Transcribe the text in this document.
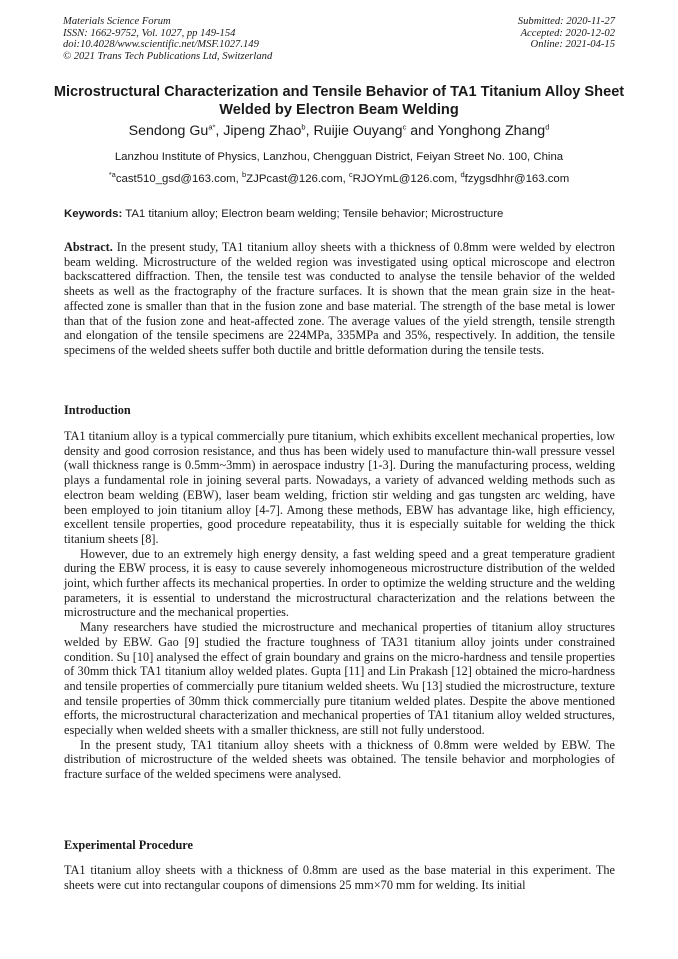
Materials Science Forum
ISSN: 1662-9752, Vol. 1027, pp 149-154
doi:10.4028/www.scientific.net/MSF.1027.149
© 2021 Trans Tech Publications Ltd, Switzerland
Submitted: 2020-11-27
Accepted: 2020-12-02
Online: 2021-04-15
Microstructural Characterization and Tensile Behavior of TA1 Titanium Alloy Sheet Welded by Electron Beam Welding
Sendong $Gu^{a*}$, Jipeng Zhao$^b$, Ruijie Ouyang$^c$ and Yonghong Zhang$^d$
Lanzhou Institute of Physics, Lanzhou, Chengguan District, Feiyan Street No. 100, China
$^{*a}$cast510_gsd@163.com, $^b$ZJPcast@126.com, $^c$RJOYmL@126.com, $^d$fzygsdhhr@163.com
Keywords: TA1 titanium alloy; Electron beam welding; Tensile behavior; Microstructure
Abstract. In the present study, TA1 titanium alloy sheets with a thickness of 0.8mm were welded by electron beam welding. Microstructure of the welded region was investigated using optical microscope and electron backscattered diffraction. Then, the tensile test was conducted to analyse the tensile behavior of the welded sheets as well as the fractography of the fracture surfaces. It is shown that the mean grain size in the heat-affected zone is smaller than that in the fusion zone and base material. The strength of the base metal is lower than that of the fusion zone and heat-affected zone. The average values of the yield strength, tensile strength and elongation of the tensile specimens are 224MPa, 335MPa and 35%, respectively. In addition, the tensile specimens of the welded sheets suffer both ductile and brittle deformation during the tensile tests.
Introduction

TA1 titanium alloy is a typical commercially pure titanium, which exhibits excellent mechanical properties, low density and good corrosion resistance, and thus has been widely used to manufacture thin-wall pressure vessel (wall thickness range is 0.5mm~3mm) in aerospace industry [1-3]. During the manufacturing process, welding plays a fundamental role in joining several parts. Nowadays, a variety of advanced welding methods such as electron beam welding (EBW), laser beam welding, friction stir welding and gas tungsten arc welding, have been employed to join titanium alloy [4-7]. Among these methods, EBW has advantage like, high efficiency, excellent tensile properties, good procedure repeatability, thus it is especially suitable for welding the thick titanium sheets [8].

However, due to an extremely high energy density, a fast welding speed and a great temperature gradient during the EBW process, it is easy to cause severely inhomogeneous microstructure distribution of the welded joint, which further affects its mechanical properties. In order to optimize the welding structure and the welding parameters, it is essential to understand the microstructural characterization and the relations between the microstructure and the mechanical properties.

Many researchers have studied the microstructure and mechanical properties of titanium alloy structures welded by EBW. Gao [9] studied the fracture toughness of TA31 titanium alloy joints under constrained condition. Su [10] analysed the effect of grain boundary and grains on the micro-hardness and tensile properties of 30mm thick TA1 titanium alloy welded plates. Gupta [11] and Lin Prakash [12] obtained the micro-hardness and tensile properties of commercially pure titanium welded sheets. Wu [13] studied the microstructure, texture and tensile properties of 30mm thick commercially pure titanium welded plates. Despite the above mentioned efforts, the microstructural characterization and mechanical properties of TA1 titanium alloy welded structures, especially when welded sheets with a smaller thickness, are still not fully understood.

In the present study, TA1 titanium alloy sheets with a thickness of 0.8mm were welded by EBW. The distribution of microstructure of the welded sheets was obtained. The tensile behavior and morphologies of fracture surface of the welded specimens were analysed.

Experimental Procedure

TA1 titanium alloy sheets with a thickness of 0.8mm are used as the base material in this experiment. The sheets were cut into rectangular coupons of dimensions 25 mm×70 mm for welding. Its initial
